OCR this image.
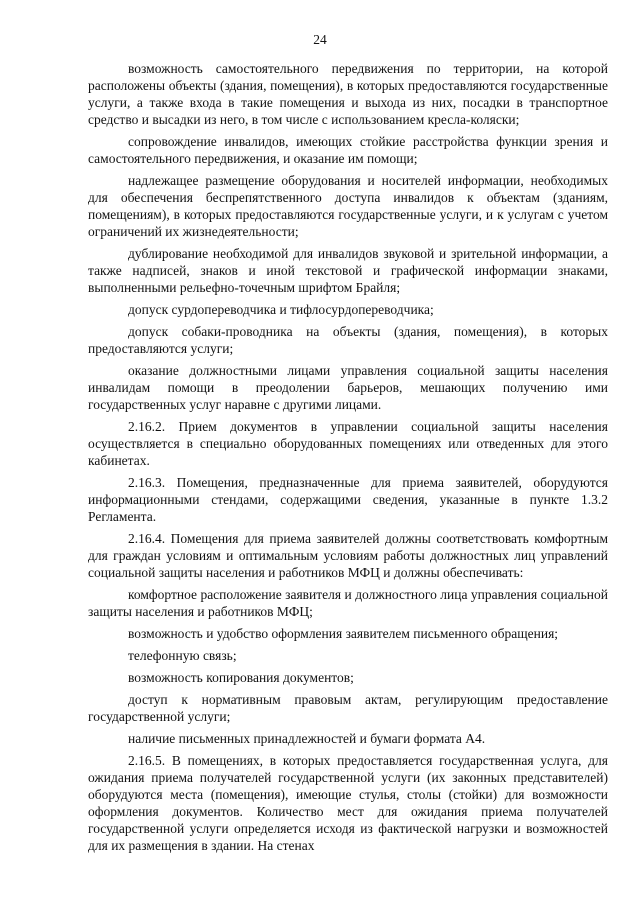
24

возможность самостоятельного передвижения по территории, на которой расположены объекты (здания, помещения), в которых предоставляются государственные услуги, а также входа в такие помещения и выхода из них, посадки в транспортное средство и высадки из него, в том числе с использованием кресла-коляски;

сопровождение инвалидов, имеющих стойкие расстройства функции зрения и самостоятельного передвижения, и оказание им помощи;

надлежащее размещение оборудования и носителей информации, необходимых для обеспечения беспрепятственного доступа инвалидов к объектам (зданиям, помещениям), в которых предоставляются государственные услуги, и к услугам с учетом ограничений их жизнедеятельности;

дублирование необходимой для инвалидов звуковой и зрительной информации, а также надписей, знаков и иной текстовой и графической информации знаками, выполненными рельефно-точечным шрифтом Брайля;

допуск сурдопереводчика и тифлосурдопереводчика;

допуск собаки-проводника на объекты (здания, помещения), в которых предоставляются услуги;

оказание должностными лицами управления социальной защиты населения инвалидам помощи в преодолении барьеров, мешающих получению ими государственных услуг наравне с другими лицами.

2.16.2. Прием документов в управлении социальной защиты населения осуществляется в специально оборудованных помещениях или отведенных для этого кабинетах.

2.16.3. Помещения, предназначенные для приема заявителей, оборудуются информационными стендами, содержащими сведения, указанные в пункте 1.3.2 Регламента.

2.16.4. Помещения для приема заявителей должны соответствовать комфортным для граждан условиям и оптимальным условиям работы должностных лиц управлений социальной защиты населения и работников МФЦ и должны обеспечивать:

комфортное расположение заявителя и должностного лица управления социальной защиты населения и работников МФЦ;

возможность и удобство оформления заявителем письменного обращения;

телефонную связь;

возможность копирования документов;

доступ к нормативным правовым актам, регулирующим предоставление государственной услуги;

наличие письменных принадлежностей и бумаги формата А4.

2.16.5. В помещениях, в которых предоставляется государственная услуга, для ожидания приема получателей государственной услуги (их законных представителей) оборудуются места (помещения), имеющие стулья, столы (стойки) для возможности оформления документов. Количество мест для ожидания приема получателей государственной услуги определяется исходя из фактической нагрузки и возможностей для их размещения в здании. На стенах
